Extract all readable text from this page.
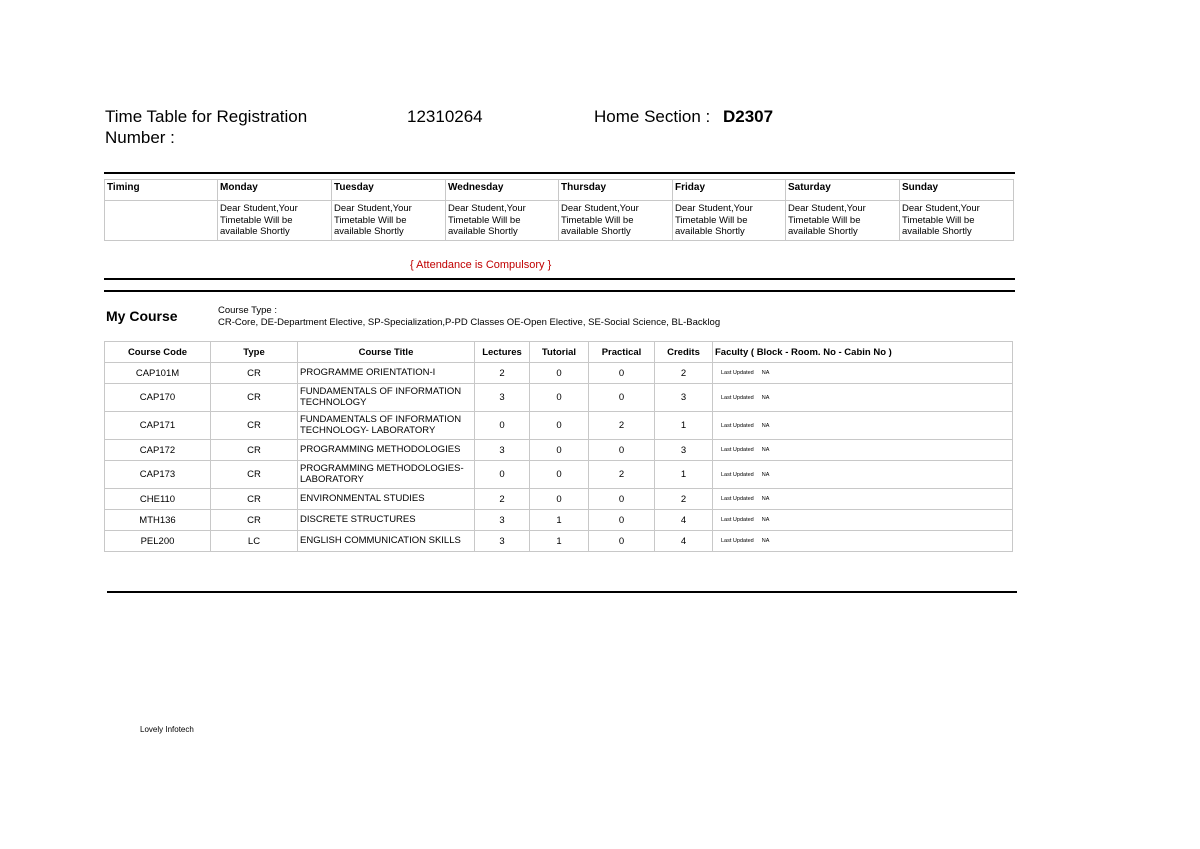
Time Table for Registration Number :
12310264	Home Section : D2307
Timing	Monday	Tuesday	Wednesday	Thursday	Friday	Saturday	Sunday
	Dear Student,Your Timetable Will be available Shortly	Dear Student,Your Timetable Will be available Shortly	Dear Student,Your Timetable Will be available Shortly	Dear Student,Your Timetable Will be available Shortly	Dear Student,Your Timetable Will be available Shortly	Dear Student,Your Timetable Will be available Shortly	Dear Student,Your Timetable Will be available Shortly
{ Attendance is Compulsory }
My Course	Course Type :
CR-Core, DE-Department Elective, SP-Specialization,P-PD Classes OE-Open Elective, SE-Social Science, BL-Backlog
Course Code	Type	Course Title	Lectures	Tutorial	Practical	Credits	Faculty ( Block - Room. No - Cabin No )
CAP101M	CR	PROGRAMME ORIENTATION-I	2	0	0	2	Last Updated NA
CAP170	CR	FUNDAMENTALS OF INFORMATION TECHNOLOGY	3	0	0	3	Last Updated NA
CAP171	CR	FUNDAMENTALS OF INFORMATION TECHNOLOGY- LABORATORY	0	0	2	1	Last Updated NA
CAP172	CR	PROGRAMMING METHODOLOGIES	3	0	0	3	Last Updated NA
CAP173	CR	PROGRAMMING METHODOLOGIES- LABORATORY	0	0	2	1	Last Updated NA
CHE110	CR	ENVIRONMENTAL STUDIES	2	0	0	2	Last Updated NA
MTH136	CR	DISCRETE STRUCTURES	3	1	0	4	Last Updated NA
PEL200	LC	ENGLISH COMMUNICATION SKILLS	3	1	0	4	Last Updated NA
Lovely Infotech
